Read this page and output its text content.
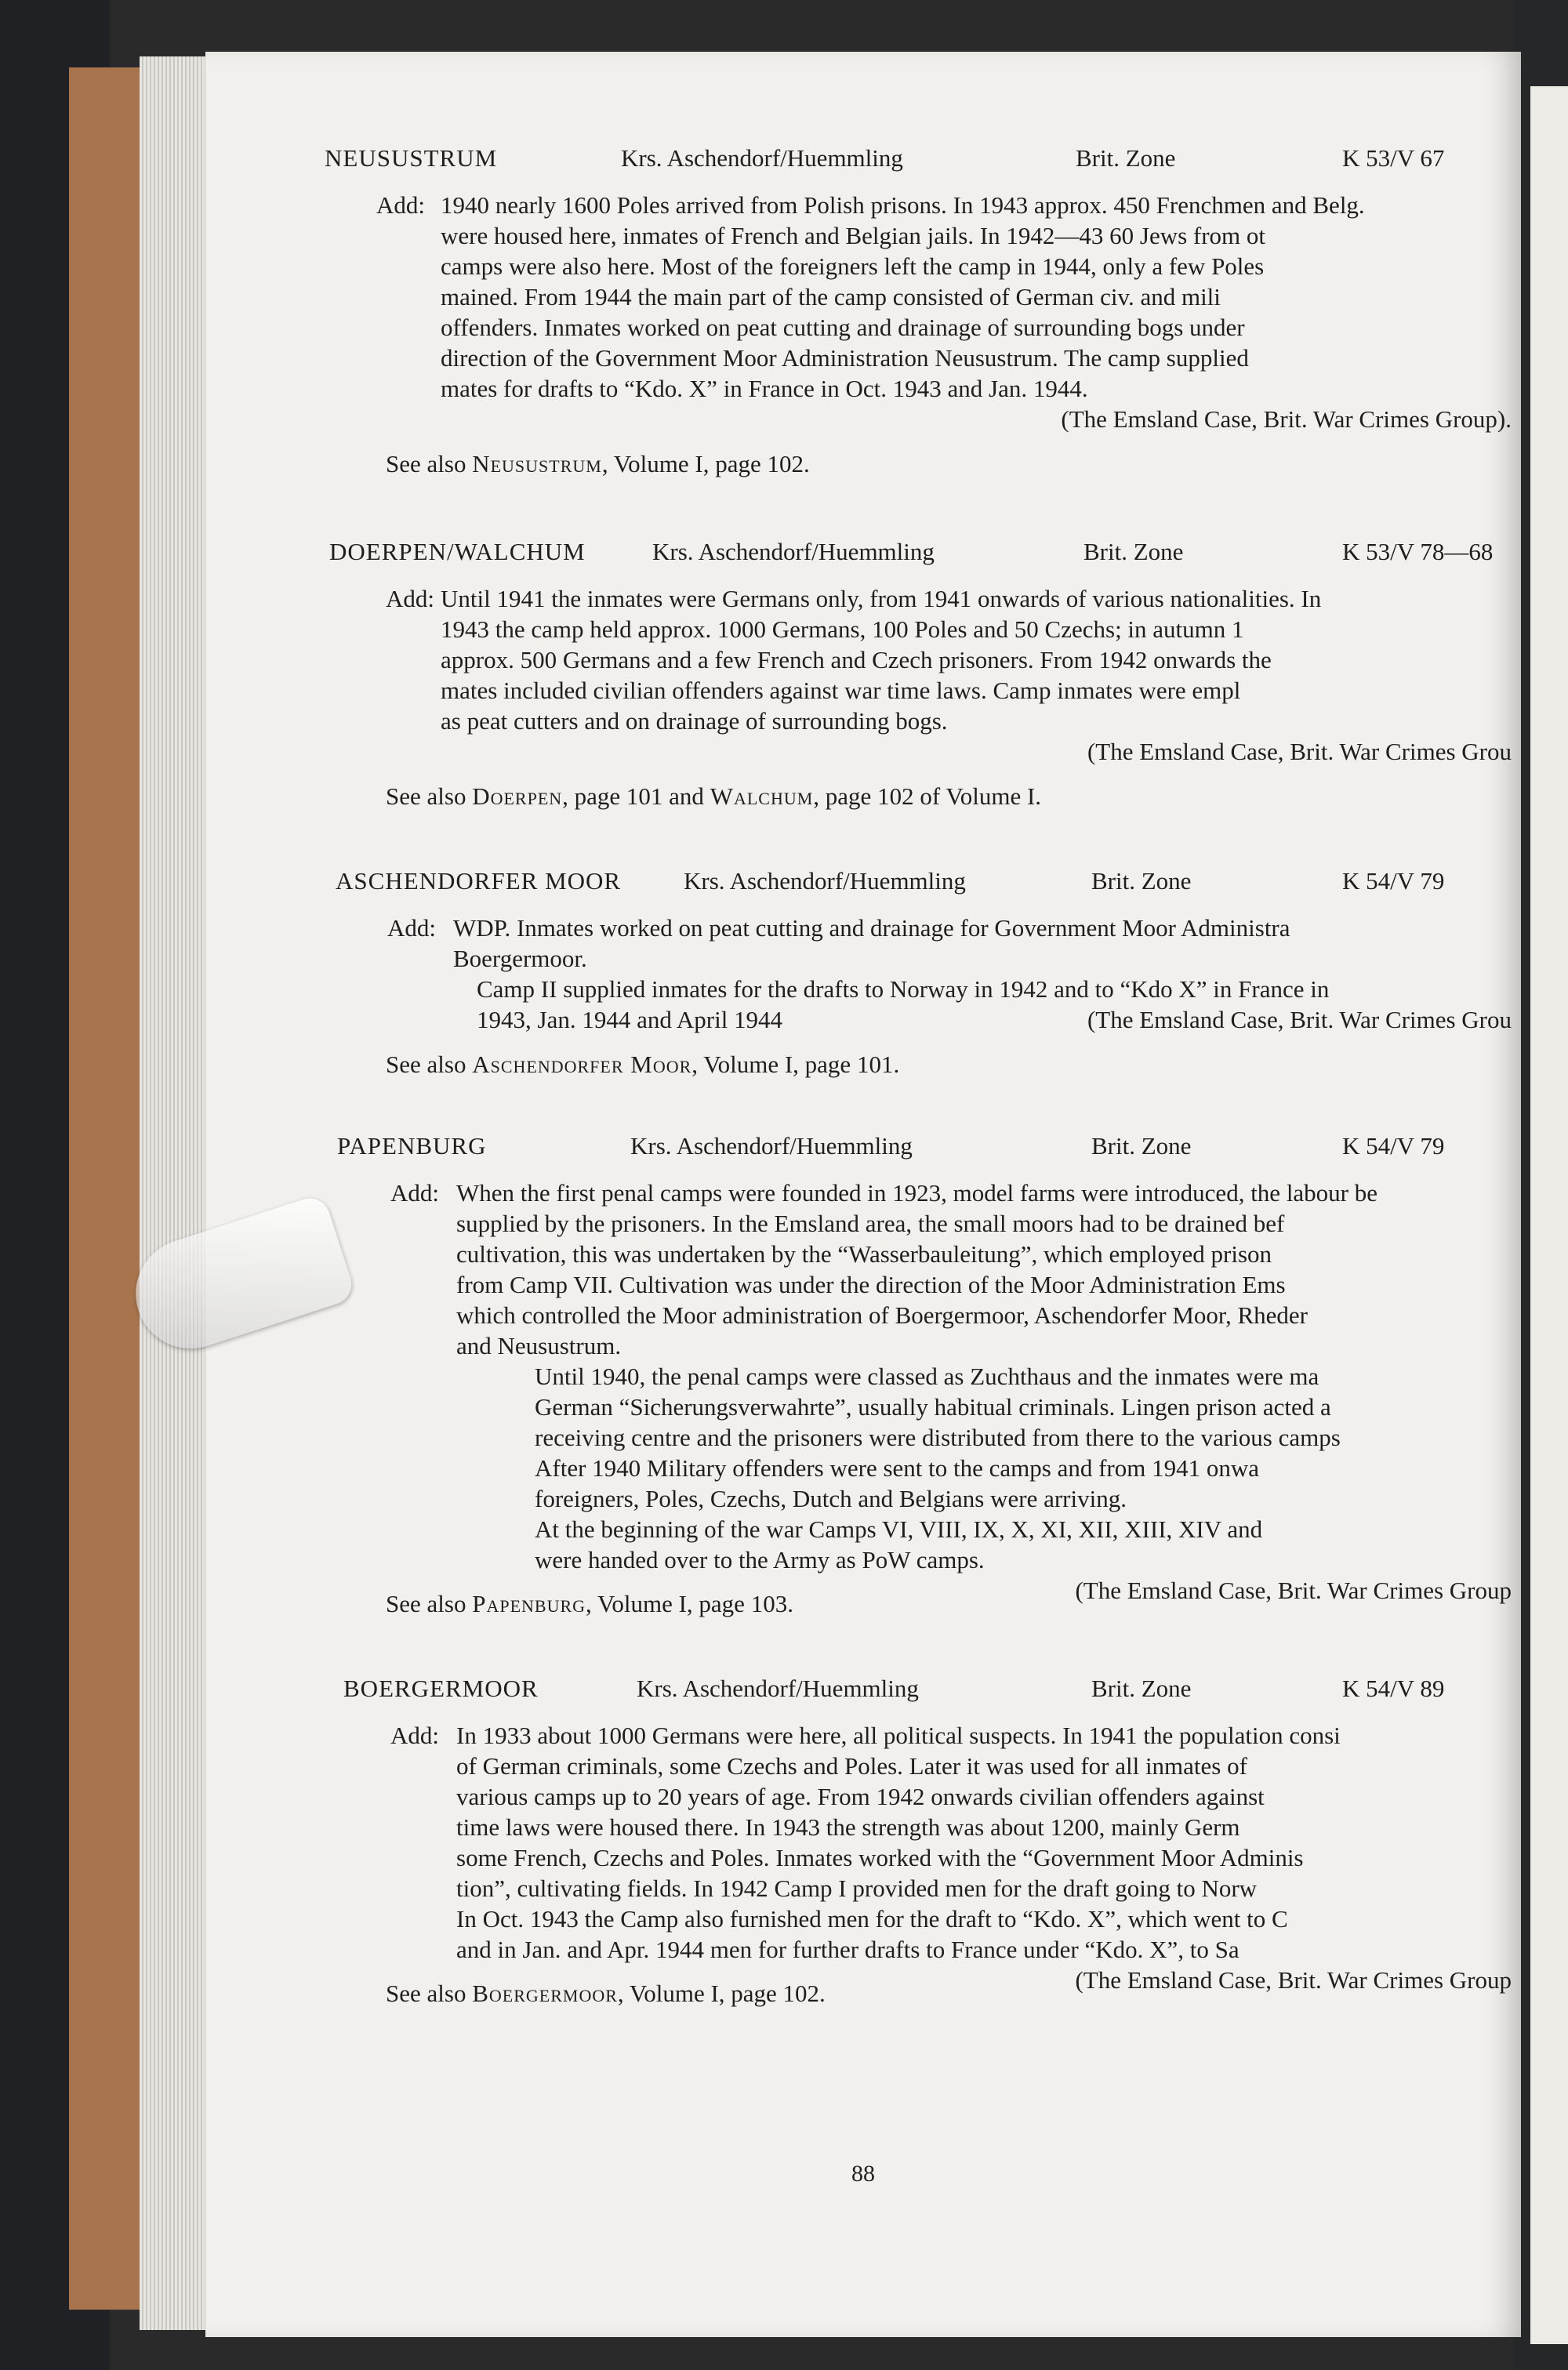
NEUSUSTRUM	Krs. Aschendorf/Huemmling	Brit. Zone	K 53/V 67
Add: 1940 nearly 1600 Poles arrived from Polish prisons. In 1943 approx. 450 Frenchmen and Belg.
were housed here, inmates of French and Belgian jails. In 1942—43 60 Jews from ot
camps were also here. Most of the foreigners left the camp in 1944, only a few Poles
mained. From 1944 the main part of the camp consisted of German civ. and mili
offenders. Inmates worked on peat cutting and drainage of surrounding bogs under
direction of the Government Moor Administration Neusustrum. The camp supplied
mates for drafts to “Kdo. X” in France in Oct. 1943 and Jan. 1944.
(The Emsland Case, Brit. War Crimes Group).
See also Neusustrum, Volume I, page 102.
DOERPEN/WALCHUM	Krs. Aschendorf/Huemmling	Brit. Zone	K 53/V 78—68
Add: Until 1941 the inmates were Germans only, from 1941 onwards of various nationalities. In
1943 the camp held approx. 1000 Germans, 100 Poles and 50 Czechs; in autumn 1
approx. 500 Germans and a few French and Czech prisoners. From 1942 onwards the
mates included civilian offenders against war time laws. Camp inmates were empl
as peat cutters and on drainage of surrounding bogs.
(The Emsland Case, Brit. War Crimes Grou
See also Doerpen, page 101 and Walchum, page 102 of Volume I.
ASCHENDORFER MOOR	Krs. Aschendorf/Huemmling	Brit. Zone	K 54/V 79
Add: WDP. Inmates worked on peat cutting and drainage for Government Moor Administra
Boergermoor.
Camp II supplied inmates for the drafts to Norway in 1942 and to “Kdo X” in France in
1943, Jan. 1944 and April 1944	(The Emsland Case, Brit. War Crimes Grou
See also Aschendorfer Moor, Volume I, page 101.
PAPENBURG	Krs. Aschendorf/Huemmling	Brit. Zone	K 54/V 79
Add: When the first penal camps were founded in 1923, model farms were introduced, the labour be
supplied by the prisoners. In the Emsland area, the small moors had to be drained bef
cultivation, this was undertaken by the “Wasserbauleitung”, which employed prison
from Camp VII. Cultivation was under the direction of the Moor Administration Ems
which controlled the Moor administration of Boergermoor, Aschendorfer Moor, Rheder
and Neusustrum.
Until 1940, the penal camps were classed as Zuchthaus and the inmates were ma
German “Sicherungsverwahrte”, usually habitual criminals. Lingen prison acted a
receiving centre and the prisoners were distributed from there to the various camps
After 1940 Military offenders were sent to the camps and from 1941 onwa
foreigners, Poles, Czechs, Dutch and Belgians were arriving.
At the beginning of the war Camps VI, VIII, IX, X, XI, XII, XIII, XIV and
were handed over to the Army as PoW camps.
(The Emsland Case, Brit. War Crimes Group
See also Papenburg, Volume I, page 103.
BOERGERMOOR	Krs. Aschendorf/Huemmling	Brit. Zone	K 54/V 89
Add: In 1933 about 1000 Germans were here, all political suspects. In 1941 the population consi
of German criminals, some Czechs and Poles. Later it was used for all inmates of
various camps up to 20 years of age. From 1942 onwards civilian offenders against
time laws were housed there. In 1943 the strength was about 1200, mainly Germ
some French, Czechs and Poles. Inmates worked with the “Government Moor Adminis
tion”, cultivating fields. In 1942 Camp I provided men for the draft going to Norw
In Oct. 1943 the Camp also furnished men for the draft to “Kdo. X”, which went to C
and in Jan. and Apr. 1944 men for further drafts to France under “Kdo. X”, to Sa
(The Emsland Case, Brit. War Crimes Group
See also Boergermoor, Volume I, page 102.
88
